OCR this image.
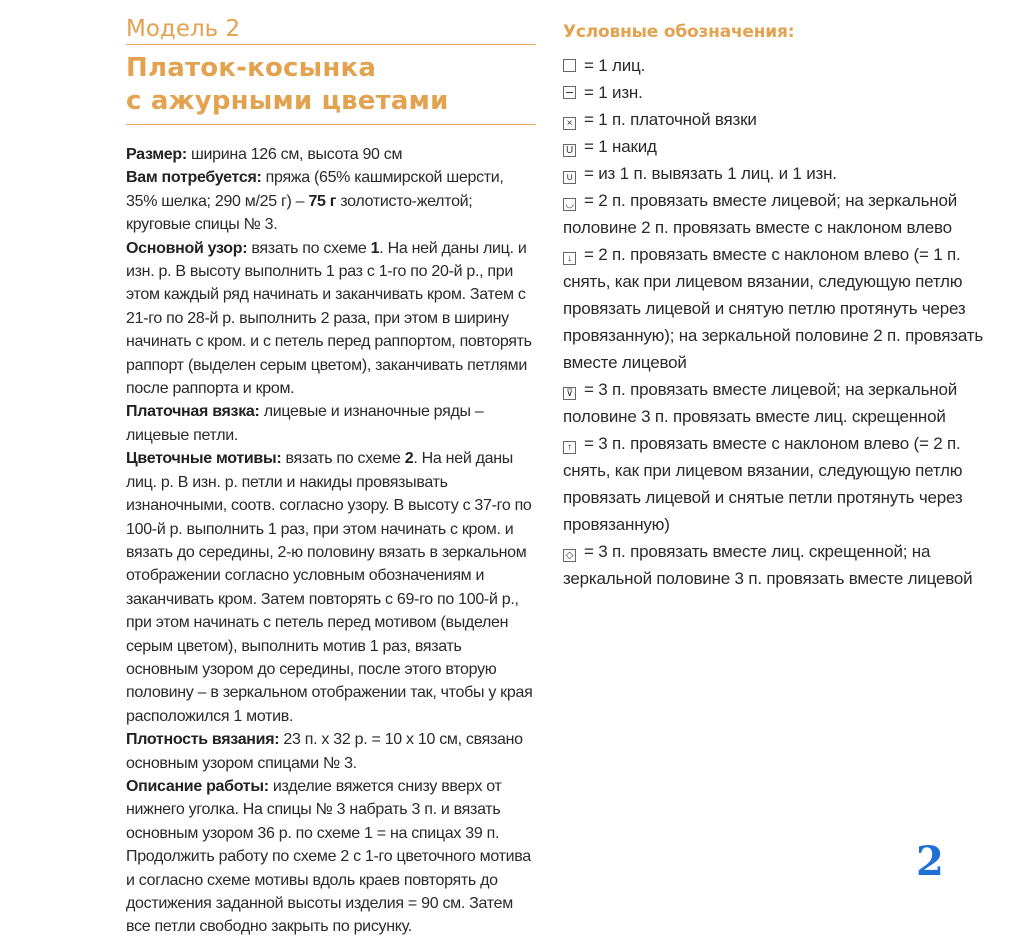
Модель 2
Платок-косынка
с ажурными цветами

Размер: ширина 126 см, высота 90 см

Вам потребуется: пряжа (65% кашмирской шерсти, 35% шелка; 290 м/25 г) – 75 г золотисто-желтой; круговые спицы № 3.

Основной узор: вязать по схеме 1. На ней даны лиц. и изн. р. В высоту выполнить 1 раз с 1-го по 20-й р., при этом каждый ряд начинать и заканчивать кром. Затем с 21-го по 28-й р. выполнить 2 раза, при этом в ширину начинать с кром. и с петель перед раппортом, повторять раппорт (выделен серым цветом), заканчивать петлями после раппорта и кром.

Платочная вязка: лицевые и изнаночные ряды – лицевые петли.

Цветочные мотивы: вязать по схеме 2. На ней даны лиц. р. В изн. р. петли и накиды провязывать изнаночными, соотв. согласно узору. В высоту с 37-го по 100-й р. выполнить 1 раз, при этом начинать с кром. и вязать до середины, 2-ю половину вязать в зеркальном отображении согласно условным обозначениям и заканчивать кром. Затем повторять с 69-го по 100-й р., при этом начинать с петель перед мотивом (выделен серым цветом), выполнить мотив 1 раз, вязать основным узором до середины, после этого вторую половину – в зеркальном отображении так, чтобы у края расположился 1 мотив.

Плотность вязания: 23 п. х 32 р. = 10 х 10 см, связано основным узором спицами № 3.

Описание работы: изделие вяжется снизу вверх от нижнего уголка. На спицы № 3 набрать 3 п. и вязать основным узором 36 р. по схеме 1 = на спицах 39 п. Продолжить работу по схеме 2 с 1-го цветочного мотива и согласно схеме мотивы вдоль краев повторять до достижения заданной высоты изделия = 90 см. Затем все петли свободно закрыть по рисунку.

Условные обозначения:

= 1 лиц.

= 1 изн.

× = 1 п. платочной вязки

U = 1 накид

∪ = из 1 п. вывязать 1 лиц. и 1 изн.

◡ = 2 п. провязать вместе лицевой; на зеркальной половине 2 п. провязать вместе с наклоном влево

↓ = 2 п. провязать вместе с наклоном влево (= 1 п. снять, как при лицевом вязании, следующую петлю провязать лицевой и снятую петлю протянуть через провязанную); на зеркальной половине 2 п. провязать вместе лицевой

⊽ = 3 п. провязать вместе лицевой; на зеркальной половине 3 п. провязать вместе лиц. скрещенной

↑ = 3 п. провязать вместе с наклоном влево (= 2 п. снять, как при лицевом вязании, следующую петлю провязать лицевой и снятые петли протянуть через провязанную)

◇ = 3 п. провязать вместе лиц. скрещенной; на зеркальной половине 3 п. провязать вместе лицевой

2
